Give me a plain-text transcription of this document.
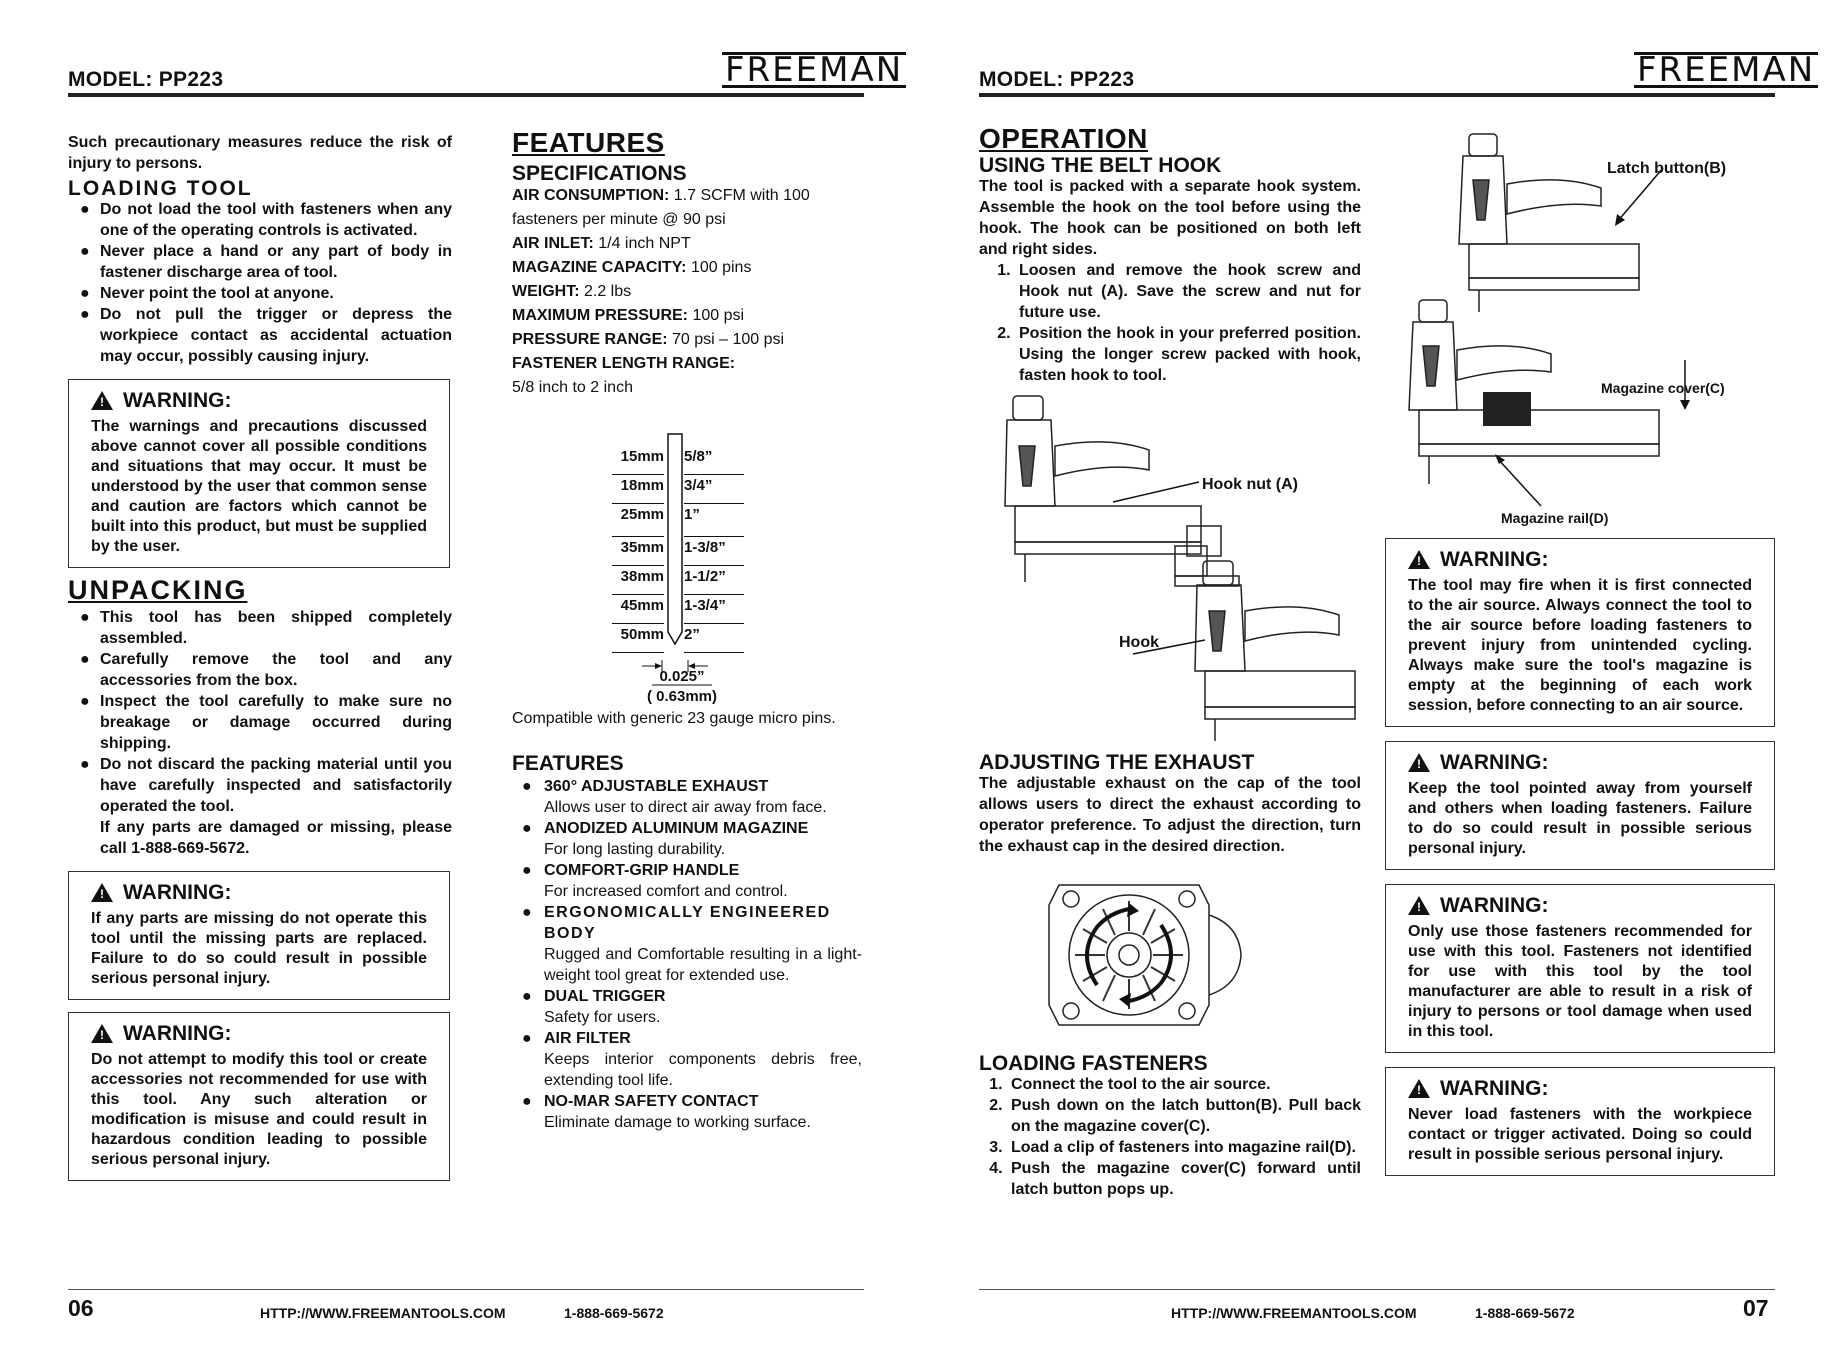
MODEL: PP223	FREEMAN
Such precautionary measures reduce the risk of injury to persons.
LOADING TOOL
● Do not load the tool with fasteners when any one of the operating controls is activated.
● Never place a hand or any part of body in fastener discharge area of tool.
● Never point the tool at anyone.
● Do not pull the trigger or depress the workpiece contact as accidental actuation may occur, possibly causing injury.
! WARNING:
The warnings and precautions discussed above cannot cover all possible conditions and situations that may occur. It must be understood by the user that common sense and caution are factors which cannot be built into this product, but must be supplied by the user.
UNPACKING
● This tool has been shipped completely assembled.
● Carefully remove the tool and any accessories from the box.
● Inspect the tool carefully to make sure no breakage or damage occurred during shipping.
● Do not discard the packing material until you have carefully inspected and satisfactorily operated the tool.
If any parts are damaged or missing, please call 1-888-669-5672.
! WARNING:
If any parts are missing do not operate this tool until the missing parts are replaced. Failure to do so could result in possible serious personal injury.
! WARNING:
Do not attempt to modify this tool or create accessories not recommended for use with this tool. Any such alteration or modification is misuse and could result in hazardous condition leading to possible serious personal injury.
FEATURES
SPECIFICATIONS
AIR CONSUMPTION: 1.7 SCFM with 100 fasteners per minute @ 90 psi
AIR INLET: 1/4 inch NPT
MAGAZINE CAPACITY: 100 pins
WEIGHT: 2.2 lbs
MAXIMUM PRESSURE: 100 psi
PRESSURE RANGE: 70 psi – 100 psi
FASTENER LENGTH RANGE:
5/8 inch to 2 inch
15mm 5/8”
18mm 3/4”
25mm 1”
35mm 1-3/8”
38mm 1-1/2”
45mm 1-3/4”
50mm 2”
0.025”
( 0.63mm)
Compatible with generic 23 gauge micro pins.
FEATURES
● 360° ADJUSTABLE EXHAUST
Allows user to direct air away from face.
● ANODIZED ALUMINUM MAGAZINE
For long lasting durability.
● COMFORT-GRIP HANDLE
For increased comfort and control.
● ERGONOMICALLY ENGINEERED BODY
Rugged and Comfortable resulting in a light-weight tool great for extended use.
● DUAL TRIGGER
Safety for users.
● AIR FILTER
Keeps interior components debris free, extending tool life.
● NO-MAR SAFETY CONTACT
Eliminate damage to working surface.
06	HTTP://WWW.FREEMANTOOLS.COM	1-888-669-5672
MODEL: PP223	FREEMAN
OPERATION
USING THE BELT HOOK
The tool is packed with a separate hook system. Assemble the hook on the tool before using the hook. The hook can be positioned on both left and right sides.
1. Loosen and remove the hook screw and Hook nut (A). Save the screw and nut for future use.
2. Position the hook in your preferred position. Using the longer screw packed with hook, fasten hook to tool.
Hook nut (A)
Hook
ADJUSTING THE EXHAUST
The adjustable exhaust on the cap of the tool allows users to direct the exhaust according to operator preference. To adjust the direction, turn the exhaust cap in the desired direction.
LOADING FASTENERS
1. Connect the tool to the air source.
2. Push down on the latch button(B). Pull back on the magazine cover(C).
3. Load a clip of fasteners into magazine rail(D).
4. Push the magazine cover(C) forward until latch button pops up.
Latch button(B)
Magazine cover(C)
Magazine rail(D)
! WARNING:
The tool may fire when it is first connected to the air source. Always connect the tool to the air source before loading fasteners to prevent injury from unintended cycling. Always make sure the tool's magazine is empty at the beginning of each work session, before connecting to an air source.
! WARNING:
Keep the tool pointed away from yourself and others when loading fasteners. Failure to do so could result in possible serious personal injury.
! WARNING:
Only use those fasteners recommended for use with this tool. Fasteners not identified for use with this tool by the tool manufacturer are able to result in a risk of injury to persons or tool damage when used in this tool.
! WARNING:
Never load fasteners with the workpiece contact or trigger activated. Doing so could result in possible serious personal injury.
HTTP://WWW.FREEMANTOOLS.COM	1-888-669-5672	07
